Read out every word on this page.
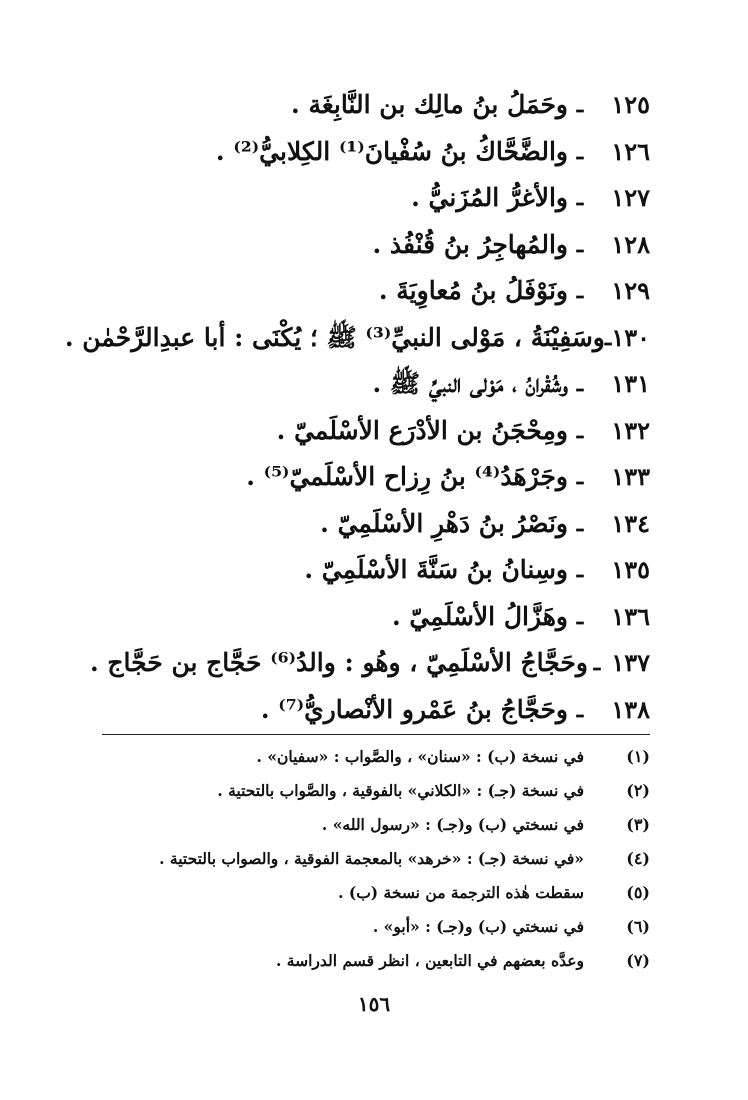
١٢٥
ـ
وحَمَلُ بنُ مالِك بن النَّابِغَة .
١٢٦
ـ
والضَّحَّاكُ بنُ سُفْيانَ⁽¹⁾ الكِلابيُّ⁽²⁾ .
١٢٧
ـ
والأغرُّ المُزَنيُّ .
١٢٨
ـ
والمُهاجِرُ بنُ قُنْفُذ .
١٢٩
ـ
ونَوْفَلُ بنُ مُعاوِيَةَ .
١٣٠
ـ
وسَفِيْنَةُ ، مَوْلى النبيِّ⁽³⁾ ﷺ ؛ يُكْنَى : أبا عبدِالرَّحْمٰن .
١٣١
ـ
وشُقْرانُ ، مَوْلى النبيِّ ﷺ .
١٣٢
ـ
ومِحْجَنُ بن الأدْرَع الأسْلَميّ .
١٣٣
ـ
وجَرْهَدُ⁽⁴⁾ بنُ رِزاح الأسْلَميّ⁽⁵⁾ .
١٣٤
ـ
ونَصْرُ بنُ دَهْرِ الأسْلَمِيّ .
١٣٥
ـ
وسِنانُ بنُ سَنَّةَ الأسْلَمِيّ .
١٣٦
ـ
وهَزَّالُ الأسْلَمِيّ .
١٣٧
ـ
وحَجَّاجُ الأسْلَمِيّ ، وهُو : والدُ⁽⁶⁾ حَجَّاج بن حَجَّاج .
١٣٨
ـ
وحَجَّاجُ بنُ عَمْرو الأنْصاريُّ⁽⁷⁾ .
(١)
في نسخة (ب) : «سنان» ، والصَّواب : «سفيان» .
(٢)
في نسخة (جـ) : «الكلاني» بالفوقية ، والصَّواب بالتحتية .
(٣)
في نسختي (ب) و(جـ) : «رسول الله» .
(٤)
«في نسخة (جـ) : «خرهد» بالمعجمة الفوقية ، والصواب بالتحتية .
(٥)
سقطت هٰذه الترجمة من نسخة (ب) .
(٦)
في نسختي (ب) و(جـ) : «أبو» .
(٧)
وعدَّه بعضهم في التابعين ، انظر قسم الدراسة .
١٥٦
